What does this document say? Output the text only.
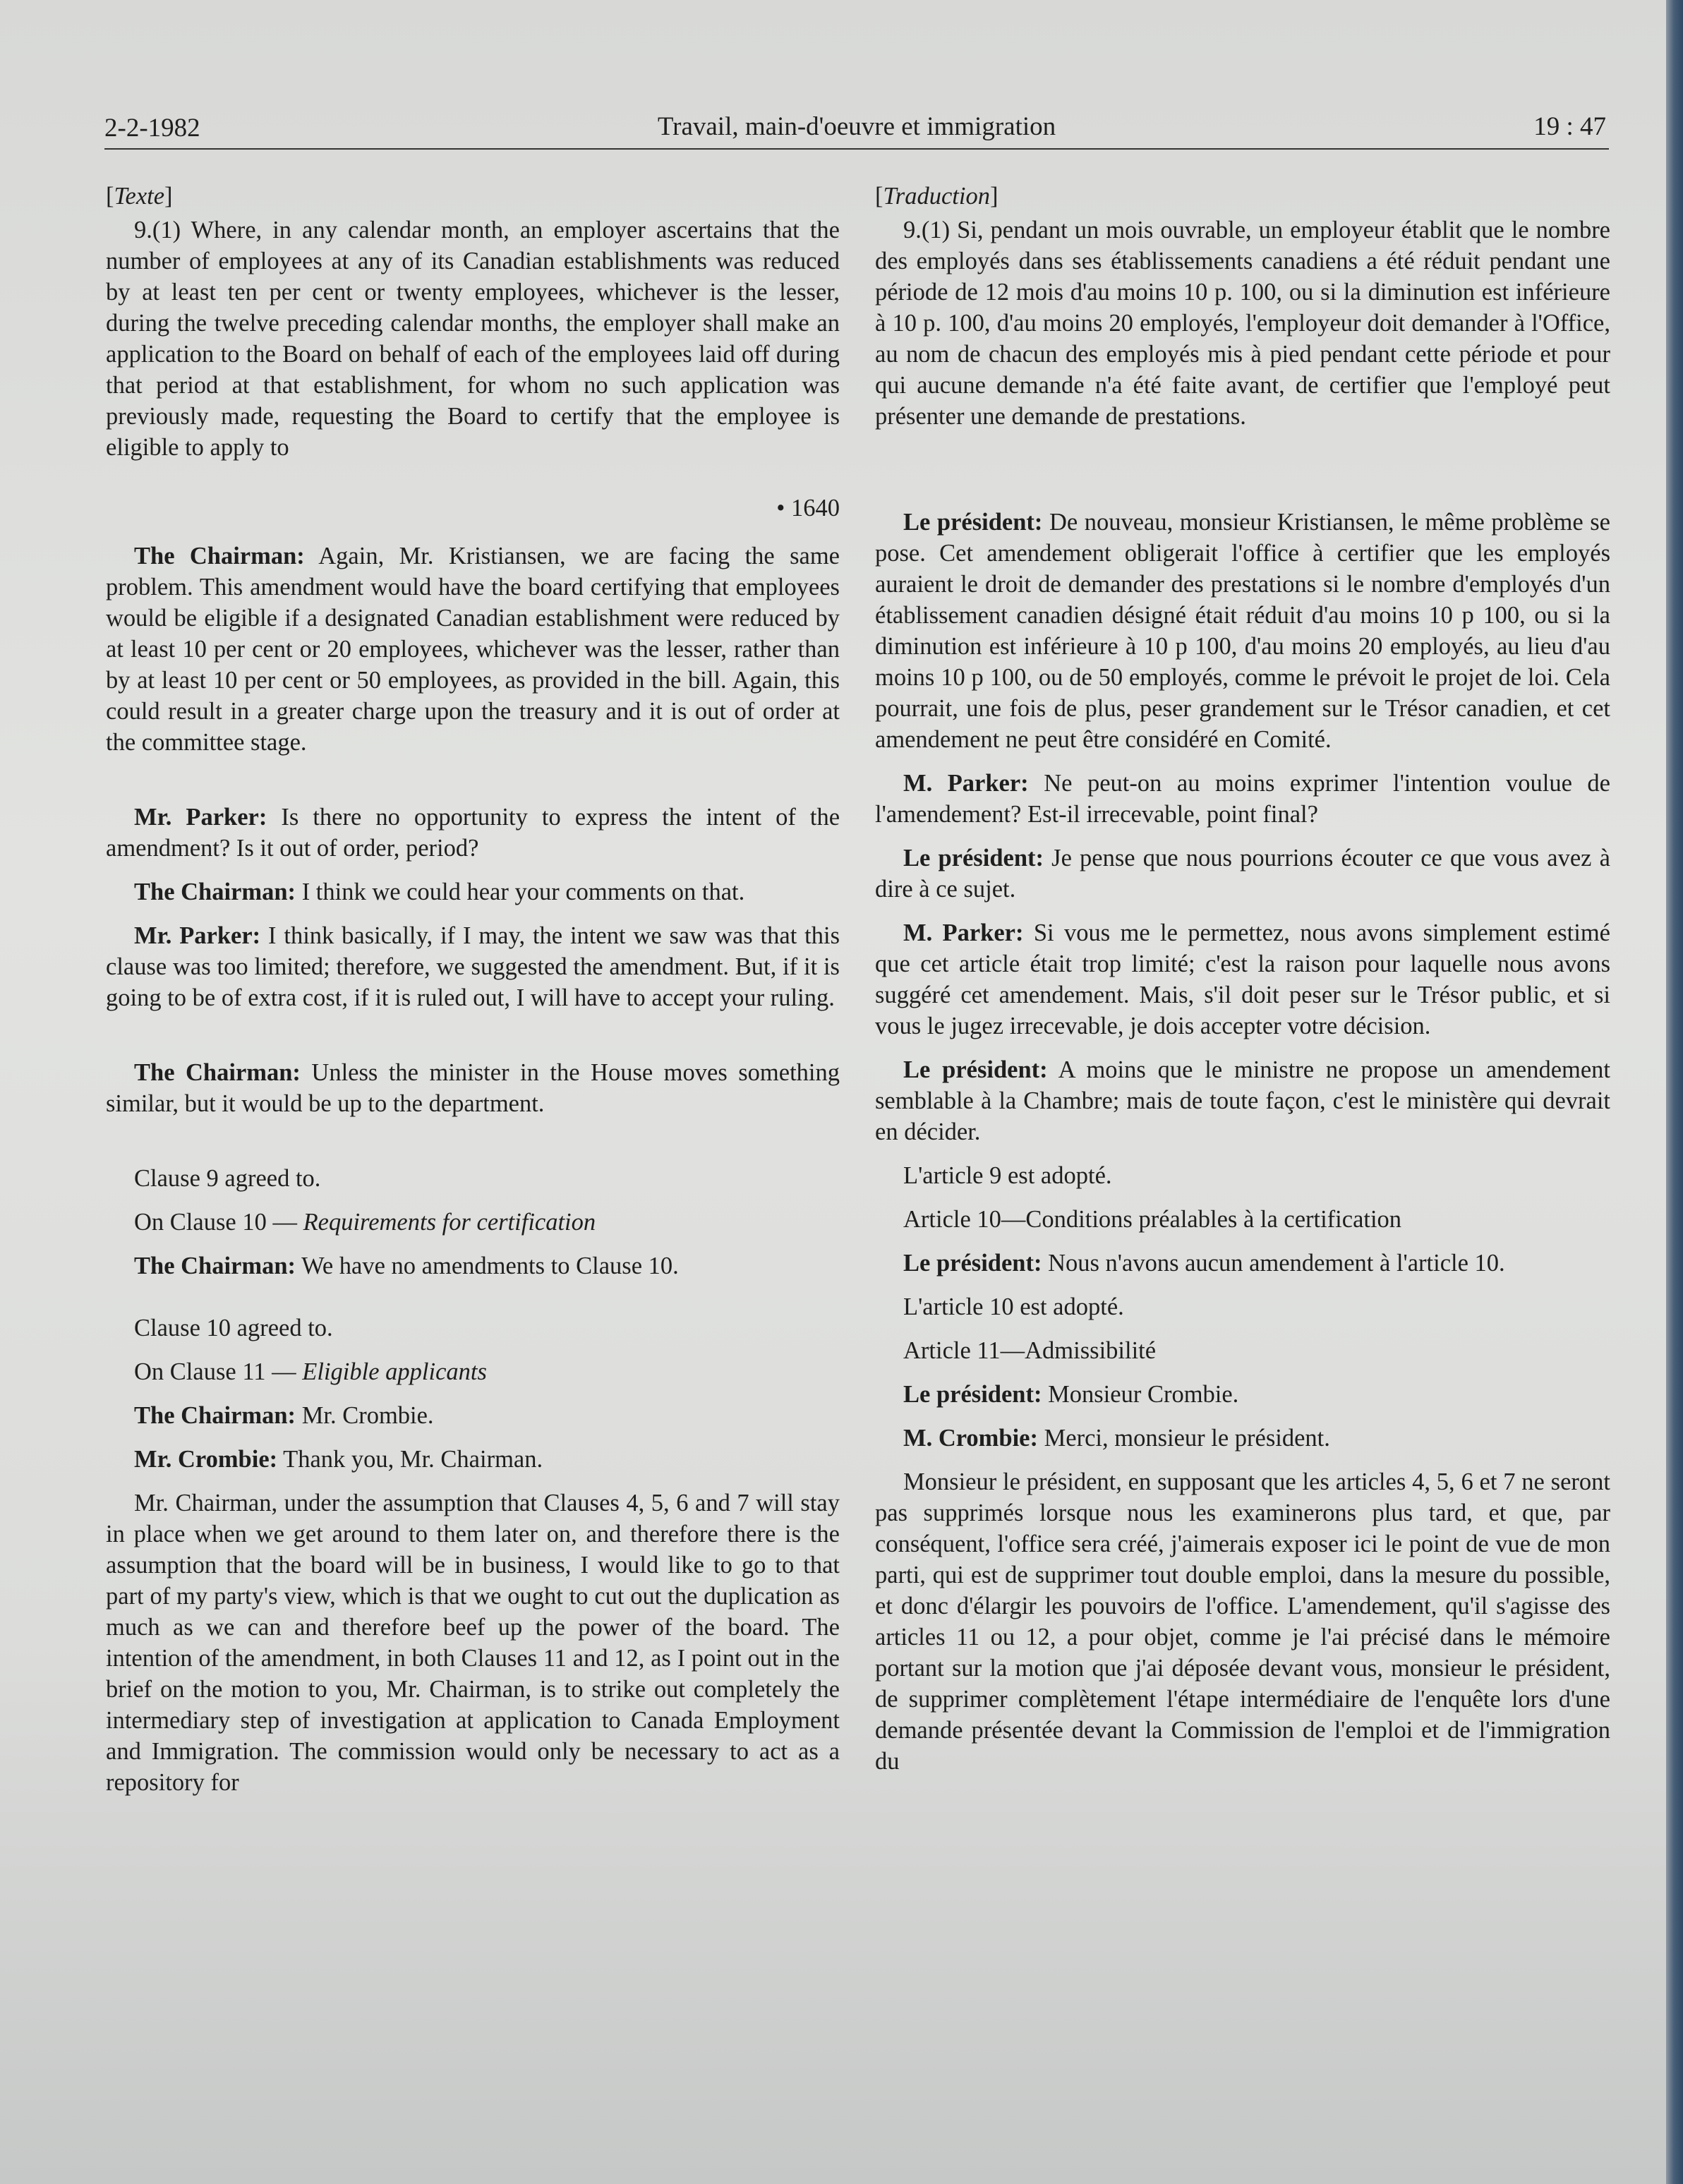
2-2-1982	Travail, main-d'oeuvre et immigration	19 : 47

[Texte]

9.(1) Where, in any calendar month, an employer ascertains that the number of employees at any of its Canadian establishments was reduced by at least ten per cent or twenty employees, whichever is the lesser, during the twelve preceding calendar months, the employer shall make an application to the Board on behalf of each of the employees laid off during that period at that establishment, for whom no such application was previously made, requesting the Board to certify that the employee is eligible to apply to

• 1640

The Chairman: Again, Mr. Kristiansen, we are facing the same problem. This amendment would have the board certifying that employees would be eligible if a designated Canadian establishment were reduced by at least 10 per cent or 20 employees, whichever was the lesser, rather than by at least 10 per cent or 50 employees, as provided in the bill. Again, this could result in a greater charge upon the treasury and it is out of order at the committee stage.

Mr. Parker: Is there no opportunity to express the intent of the amendment? Is it out of order, period?

The Chairman: I think we could hear your comments on that.

Mr. Parker: I think basically, if I may, the intent we saw was that this clause was too limited; therefore, we suggested the amendment. But, if it is going to be of extra cost, if it is ruled out, I will have to accept your ruling.

The Chairman: Unless the minister in the House moves something similar, but it would be up to the department.

Clause 9 agreed to.

On Clause 10 — Requirements for certification

The Chairman: We have no amendments to Clause 10.

Clause 10 agreed to.

On Clause 11 — Eligible applicants

The Chairman: Mr. Crombie.

Mr. Crombie: Thank you, Mr. Chairman.

Mr. Chairman, under the assumption that Clauses 4, 5, 6 and 7 will stay in place when we get around to them later on, and therefore there is the assumption that the board will be in business, I would like to go to that part of my party's view, which is that we ought to cut out the duplication as much as we can and therefore beef up the power of the board. The intention of the amendment, in both Clauses 11 and 12, as I point out in the brief on the motion to you, Mr. Chairman, is to strike out completely the intermediary step of investigation at application to Canada Employment and Immigration. The commission would only be necessary to act as a repository for

[Traduction]

9.(1) Si, pendant un mois ouvrable, un employeur établit que le nombre des employés dans ses établissements canadiens a été réduit pendant une période de 12 mois d'au moins 10 p. 100, ou si la diminution est inférieure à 10 p. 100, d'au moins 20 employés, l'employeur doit demander à l'Office, au nom de chacun des employés mis à pied pendant cette période et pour qui aucune demande n'a été faite avant, de certifier que l'employé peut présenter une demande de prestations.

Le président: De nouveau, monsieur Kristiansen, le même problème se pose. Cet amendement obligerait l'office à certifier que les employés auraient le droit de demander des prestations si le nombre d'employés d'un établissement canadien désigné était réduit d'au moins 10 p 100, ou si la diminution est inférieure à 10 p 100, d'au moins 20 employés, au lieu d'au moins 10 p 100, ou de 50 employés, comme le prévoit le projet de loi. Cela pourrait, une fois de plus, peser grandement sur le Trésor canadien, et cet amendement ne peut être considéré en Comité.

M. Parker: Ne peut-on au moins exprimer l'intention voulue de l'amendement? Est-il irrecevable, point final?

Le président: Je pense que nous pourrions écouter ce que vous avez à dire à ce sujet.

M. Parker: Si vous me le permettez, nous avons simplement estimé que cet article était trop limité; c'est la raison pour laquelle nous avons suggéré cet amendement. Mais, s'il doit peser sur le Trésor public, et si vous le jugez irrecevable, je dois accepter votre décision.

Le président: A moins que le ministre ne propose un amendement semblable à la Chambre; mais de toute façon, c'est le ministère qui devrait en décider.

L'article 9 est adopté.

Article 10—Conditions préalables à la certification

Le président: Nous n'avons aucun amendement à l'article 10.

L'article 10 est adopté.

Article 11—Admissibilité

Le président: Monsieur Crombie.

M. Crombie: Merci, monsieur le président.

Monsieur le président, en supposant que les articles 4, 5, 6 et 7 ne seront pas supprimés lorsque nous les examinerons plus tard, et que, par conséquent, l'office sera créé, j'aimerais exposer ici le point de vue de mon parti, qui est de supprimer tout double emploi, dans la mesure du possible, et donc d'élargir les pouvoirs de l'office. L'amendement, qu'il s'agisse des articles 11 ou 12, a pour objet, comme je l'ai précisé dans le mémoire portant sur la motion que j'ai déposée devant vous, monsieur le président, de supprimer complètement l'étape intermédiaire de l'enquête lors d'une demande présentée devant la Commission de l'emploi et de l'immigration du
